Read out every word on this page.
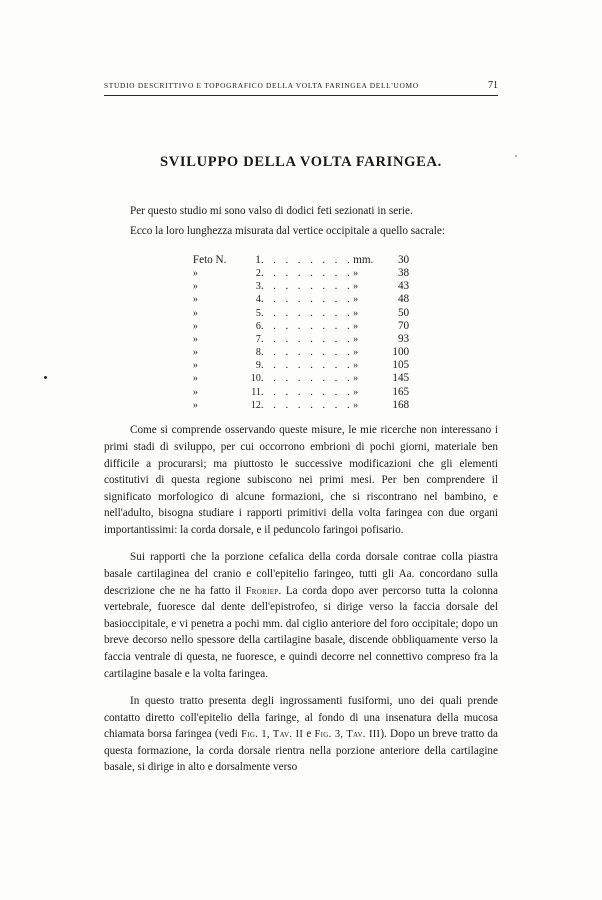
STUDIO DESCRITTIVO E TOPOGRAFICO DELLA VOLTA FARINGEA DELL'UOMO	71
SVILUPPO DELLA VOLTA FARINGEA.

Per questo studio mi sono valso di dodici feti sezionati in serie.

Ecco la loro lunghezza misurata dal vertice occipitale a quello sacrale:

Feto N.	1	. . . . . . . .	mm.	30
»	2	. . . . . . . .	»	38
»	3	. . . . . . . .	»	43
»	4	. . . . . . . .	»	48
»	5	. . . . . . . .	»	50
»	6	. . . . . . . .	»	70
»	7	. . . . . . . .	»	93
»	8	. . . . . . . .	»	100
»	9	. . . . . . . .	»	105
»	10	. . . . . . . .	»	145
»	11	. . . . . . . .	»	165
»	12	. . . . . . . .	»	168

Come si comprende osservando queste misure, le mie ricerche non interessano i primi stadi di sviluppo, per cui occorrono embrioni di pochi giorni, materiale ben difficile a procurarsi; ma piuttosto le successive modificazioni che gli elementi costitutivi di questa regione subiscono nei primi mesi. Per ben comprendere il significato morfologico di alcune formazioni, che si riscontrano nel bambino, e nell'adulto, bisogna studiare i rapporti primitivi della volta faringea con due organi importantissimi: la corda dorsale, e il peduncolo faringoi pofisario.

Sui rapporti che la porzione cefalica della corda dorsale contrae colla piastra basale cartilaginea del cranio e coll'epitelio faringeo, tutti gli Aa. concordano sulla descrizione che ne ha fatto il Froriep. La corda dopo aver percorso tutta la colonna vertebrale, fuoresce dal dente dell'epistrofeo, si dirige verso la faccia dorsale del basioccipitale, e vi penetra a pochi mm. dal ciglio anteriore del foro occipitale; dopo un breve decorso nello spessore della cartilagine basale, discende obbliquamente verso la faccia ventrale di questa, ne fuoresce, e quindi decorre nel connettivo compreso fra la cartilagine basale e la volta faringea.

In questo tratto presenta degli ingrossamenti fusiformi, uno dei quali prende contatto diretto coll'epitelio della faringe, al fondo di una insenatura della mucosa chiamata borsa faringea (vedi Fig. 1, Tav. II e Fig. 3, Tav. III). Dopo un breve tratto da questa formazione, la corda dorsale rientra nella porzione anteriore della cartilagine basale, si dirige in alto e dorsalmente verso
